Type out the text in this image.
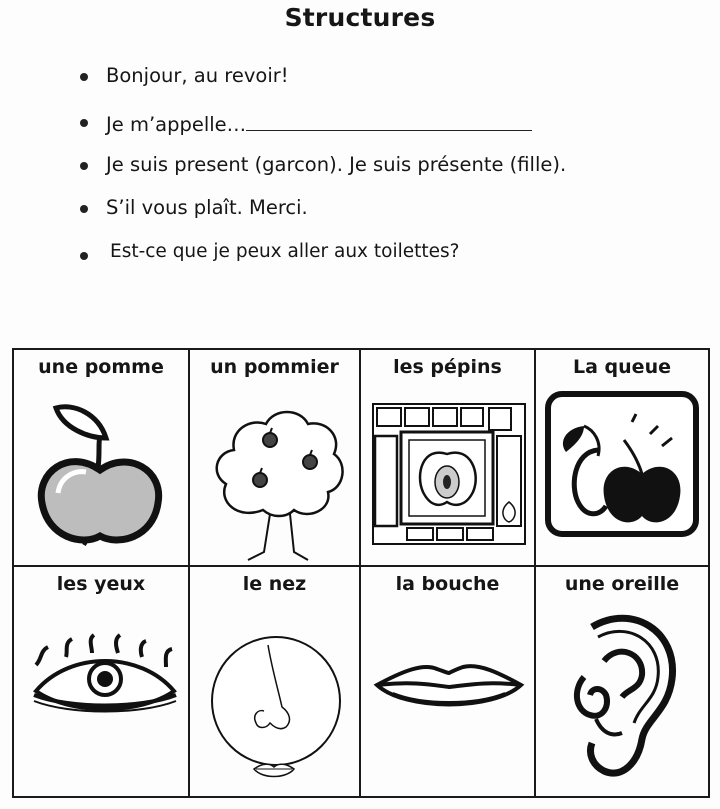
Structures
Bonjour, au revoir!
Je m’appelle…
Je suis present (garcon). Je suis présente (fille).
S’il vous plaît. Merci.
Est-ce que je peux aller aux toilettes?
une pomme	un pommier	les pépins	La queue
les yeux	le nez	la bouche	une oreille
